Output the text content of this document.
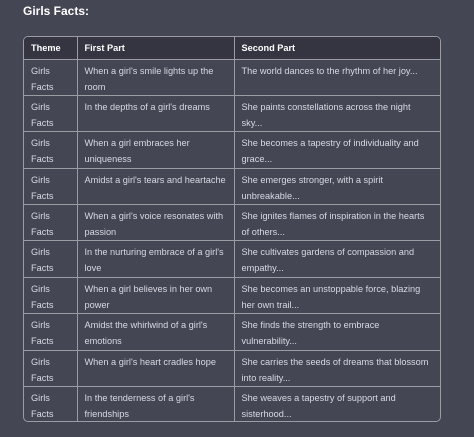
Girls Facts:
Theme	First Part	Second Part
Girls Facts	When a girl's smile lights up the room	The world dances to the rhythm of her joy...
Girls Facts	In the depths of a girl's dreams	She paints constellations across the night sky...
Girls Facts	When a girl embraces her uniqueness	She becomes a tapestry of individuality and grace...
Girls Facts	Amidst a girl's tears and heartache	She emerges stronger, with a spirit unbreakable...
Girls Facts	When a girl's voice resonates with passion	She ignites flames of inspiration in the hearts of others...
Girls Facts	In the nurturing embrace of a girl's love	She cultivates gardens of compassion and empathy...
Girls Facts	When a girl believes in her own power	She becomes an unstoppable force, blazing her own trail...
Girls Facts	Amidst the whirlwind of a girl's emotions	She finds the strength to embrace vulnerability...
Girls Facts	When a girl's heart cradles hope	She carries the seeds of dreams that blossom into reality...
Girls Facts	In the tenderness of a girl's friendships	She weaves a tapestry of support and sisterhood...
